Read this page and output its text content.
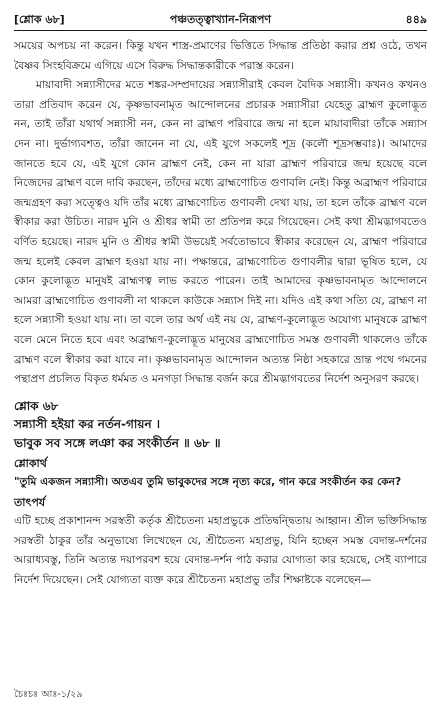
[শ্লোক ৬৮]	পঞ্চতত্ত্বাখ্যান-নিরূপণ	৪৪৯

সময়ের অপচয় না করেন। কিন্তু যখন শাস্ত্র-প্রমাণের ভিত্তিতে সিদ্ধান্ত প্রতিষ্ঠা করার প্রশ্ন ওঠে, তখন বৈষ্ণব সিংহবিক্রমে এগিয়ে এসে বিরুদ্ধ সিদ্ধান্তকারীকে পরাস্ত করেন।

মায়াবাদী সন্ন্যাসীদের মতে শঙ্কর-সম্প্রদায়ের সন্ন্যাসীরাই কেবল বৈদিক সন্ন্যাসী। কখনও কখনও তারা প্রতিবাদ করেন যে, কৃষ্ণভাবনামৃত আন্দোলনের প্রচারক সন্ন্যাসীরা যেহেতু ব্রাহ্মণ কুলোদ্ভূত নন, তাই তাঁরা যথার্থ সন্ন্যাসী নন, কেন না ব্রাহ্মণ পরিবারে জন্ম না হলে মায়াবাদীরা তাঁকে সন্ন্যাস দেন না। দুর্ভাগ্যবশত, তাঁরা জানেন না যে, এই যুগে সকলেই শূদ্র (কলৌ শূদ্রসম্ভবাঃ)। আমাদের জানতে হবে যে, এই যুগে কোন ব্রাহ্মণ নেই, কেন না যারা ব্রাহ্মণ পরিবারে জন্ম হয়েছে বলে নিজেদের ব্রাহ্মণ বলে দাবি করছেন, তাঁদের মধ্যে ব্রাহ্মণোচিত গুণাবলি নেই। কিন্তু অব্রাহ্মণ পরিবারে জন্মগ্রহণ করা সত্ত্বেও যদি তাঁর মধ্যে ব্রাহ্মণোচিত গুণাবলী দেখা যায়, তা হলে তাঁকে ব্রাহ্মণ বলে স্বীকার করা উচিত। নারদ মুনি ও শ্রীধর স্বামী তা প্রতিপন্ন করে গিয়েছেন। সেই কথা শ্রীমদ্ভাগবতেও বর্ণিত হয়েছে। নারদ মুনি ও শ্রীধর স্বামী উভয়েই সর্বতোভাবে স্বীকার করেছেন যে, ব্রাহ্মণ পরিবারে জন্ম হলেই কেবল ব্রাহ্মণ হওয়া যায় না। পক্ষান্তরে, ব্রাহ্মণোচিত গুণাবলীর দ্বারা ভূষিত হলে, যে কোন কুলোদ্ভূত মানুষই ব্রাহ্মণত্ব লাভ করতে পারেন। তাই আমাদের কৃষ্ণভাবনামৃত আন্দোলনে আমরা ব্রাহ্মণোচিত গুণাবলী না থাকলে কাউকে সন্ন্যাস দিই না। যদিও এই কথা সত্যি যে, ব্রাহ্মণ না হলে সন্ন্যাসী হওয়া যায় না। তা বলে তার অর্থ এই নয় যে, ব্রাহ্মণ-কুলোদ্ভূত অযোগ্য মানুষকে ব্রাহ্মণ বলে মেনে নিতে হবে এবং অব্রাহ্মণ-কুলোদ্ভূত মানুষের ব্রাহ্মণোচিত সমস্ত গুণাবলী থাকলেও তাঁকে ব্রাহ্মণ বলে স্বীকার করা যাবে না। কৃষ্ণভাবনামৃত আন্দোলন অত্যন্ত নিষ্ঠা সহকারে ভ্রান্ত পথে গমনের পন্থাপ্রণ প্রচলিত বিকৃত ধর্মমত ও মনগড়া সিদ্ধান্ত বর্জন করে শ্রীমদ্ভাগবতের নির্দেশ অনুসরণ করছে।

শ্লোক ৬৮

সন্ন্যাসী হইয়া কর নর্তন-গায়ন ।

ভাবুক সব সঙ্গে লঞা কর সংকীর্তন ॥ ৬৮ ॥

শ্লোকার্থ

"তুমি একজন সন্ন্যাসী। অতএব তুমি ভাবুকদের সঙ্গে নৃত্য করে, গান করে সংকীর্তন কর কেন?

তাৎপর্য

এটি হচ্ছে প্রকাশানন্দ সরস্বতী কর্তৃক শ্রীচৈতন্য মহাপ্রভুকে প্রতিদ্বন্দ্বিতায় আহ্বান। শ্রীল ভক্তিসিদ্ধান্ত সরস্বতী ঠাকুর তাঁর অনুভাষ্যে লিখেছেন যে, শ্রীচৈতন্য মহাপ্রভু, যিনি হচ্ছেন সমস্ত বেদান্ত-দর্শনের আরাধ্যবস্তু, তিনি অত্যন্ত দয়াপরবশ হয়ে বেদান্ত-দর্শন পাঠ করার যোগ্যতা কার হয়েছে, সেই ব্যাপারে নির্দেশ দিয়েছেন। সেই যোগ্যতা ব্যক্ত করে শ্রীচৈতন্য মহাপ্রভু তাঁর শিক্ষাষ্টকে বলেছেন—

চৈঃচঃ আঃ-১/২৯
